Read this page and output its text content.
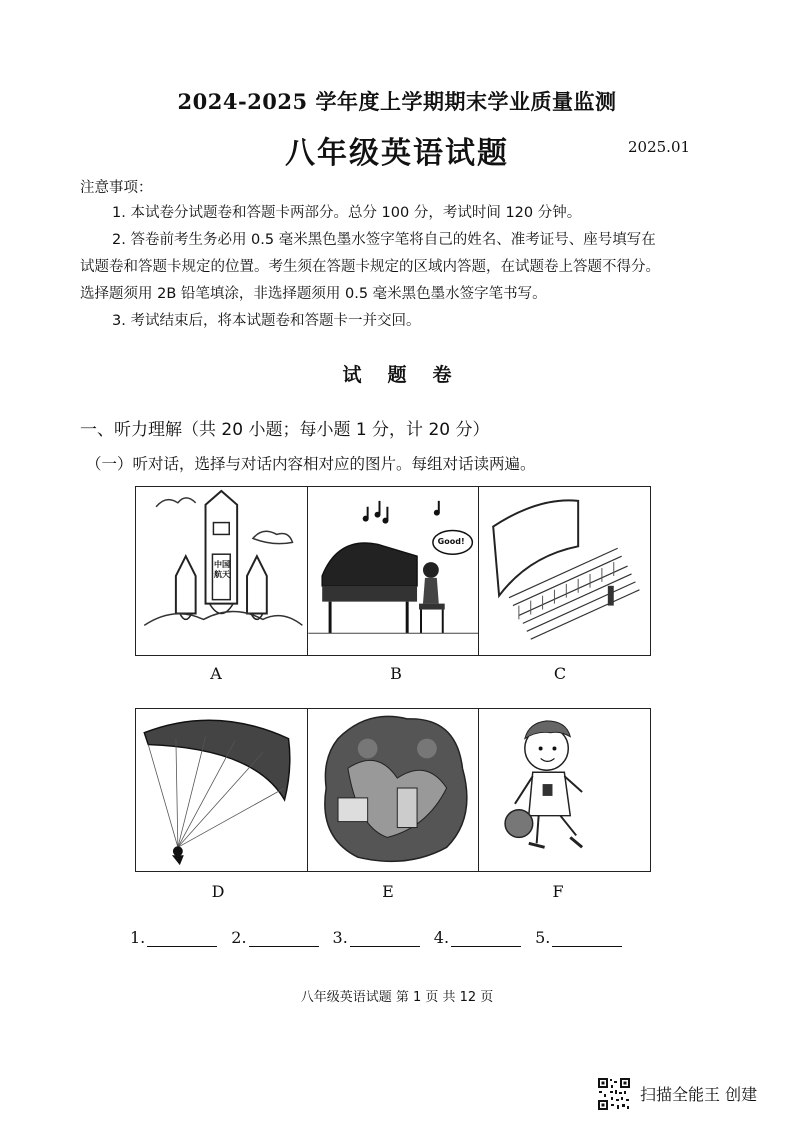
2024-2025 学年度上学期期末学业质量监测
八年级英语试题	2025.01
注意事项：
1. 本试卷分试题卷和答题卡两部分。总分 100 分，考试时间 120 分钟。
2. 答卷前考生务必用 0.5 毫米黑色墨水签字笔将自己的姓名、准考证号、座号填写在
试题卷和答题卡规定的位置。考生须在答题卡规定的区域内答题，在试题卷上答题不得分。
选择题须用 2B 铅笔填涂，非选择题须用 0.5 毫米黑色墨水签字笔书写。
3. 考试结束后，将本试题卷和答题卡一并交回。
试题卷
一、听力理解（共 20 小题；每小题 1 分，计 20 分）
（一）听对话，选择与对话内容相对应的图片。每组对话读两遍。
中国航天
Good!
A	B	C
D	E	F
1.	2.	3.	4.	5.
八年级英语试题 第 1 页 共 12 页
扫描全能王 创建
